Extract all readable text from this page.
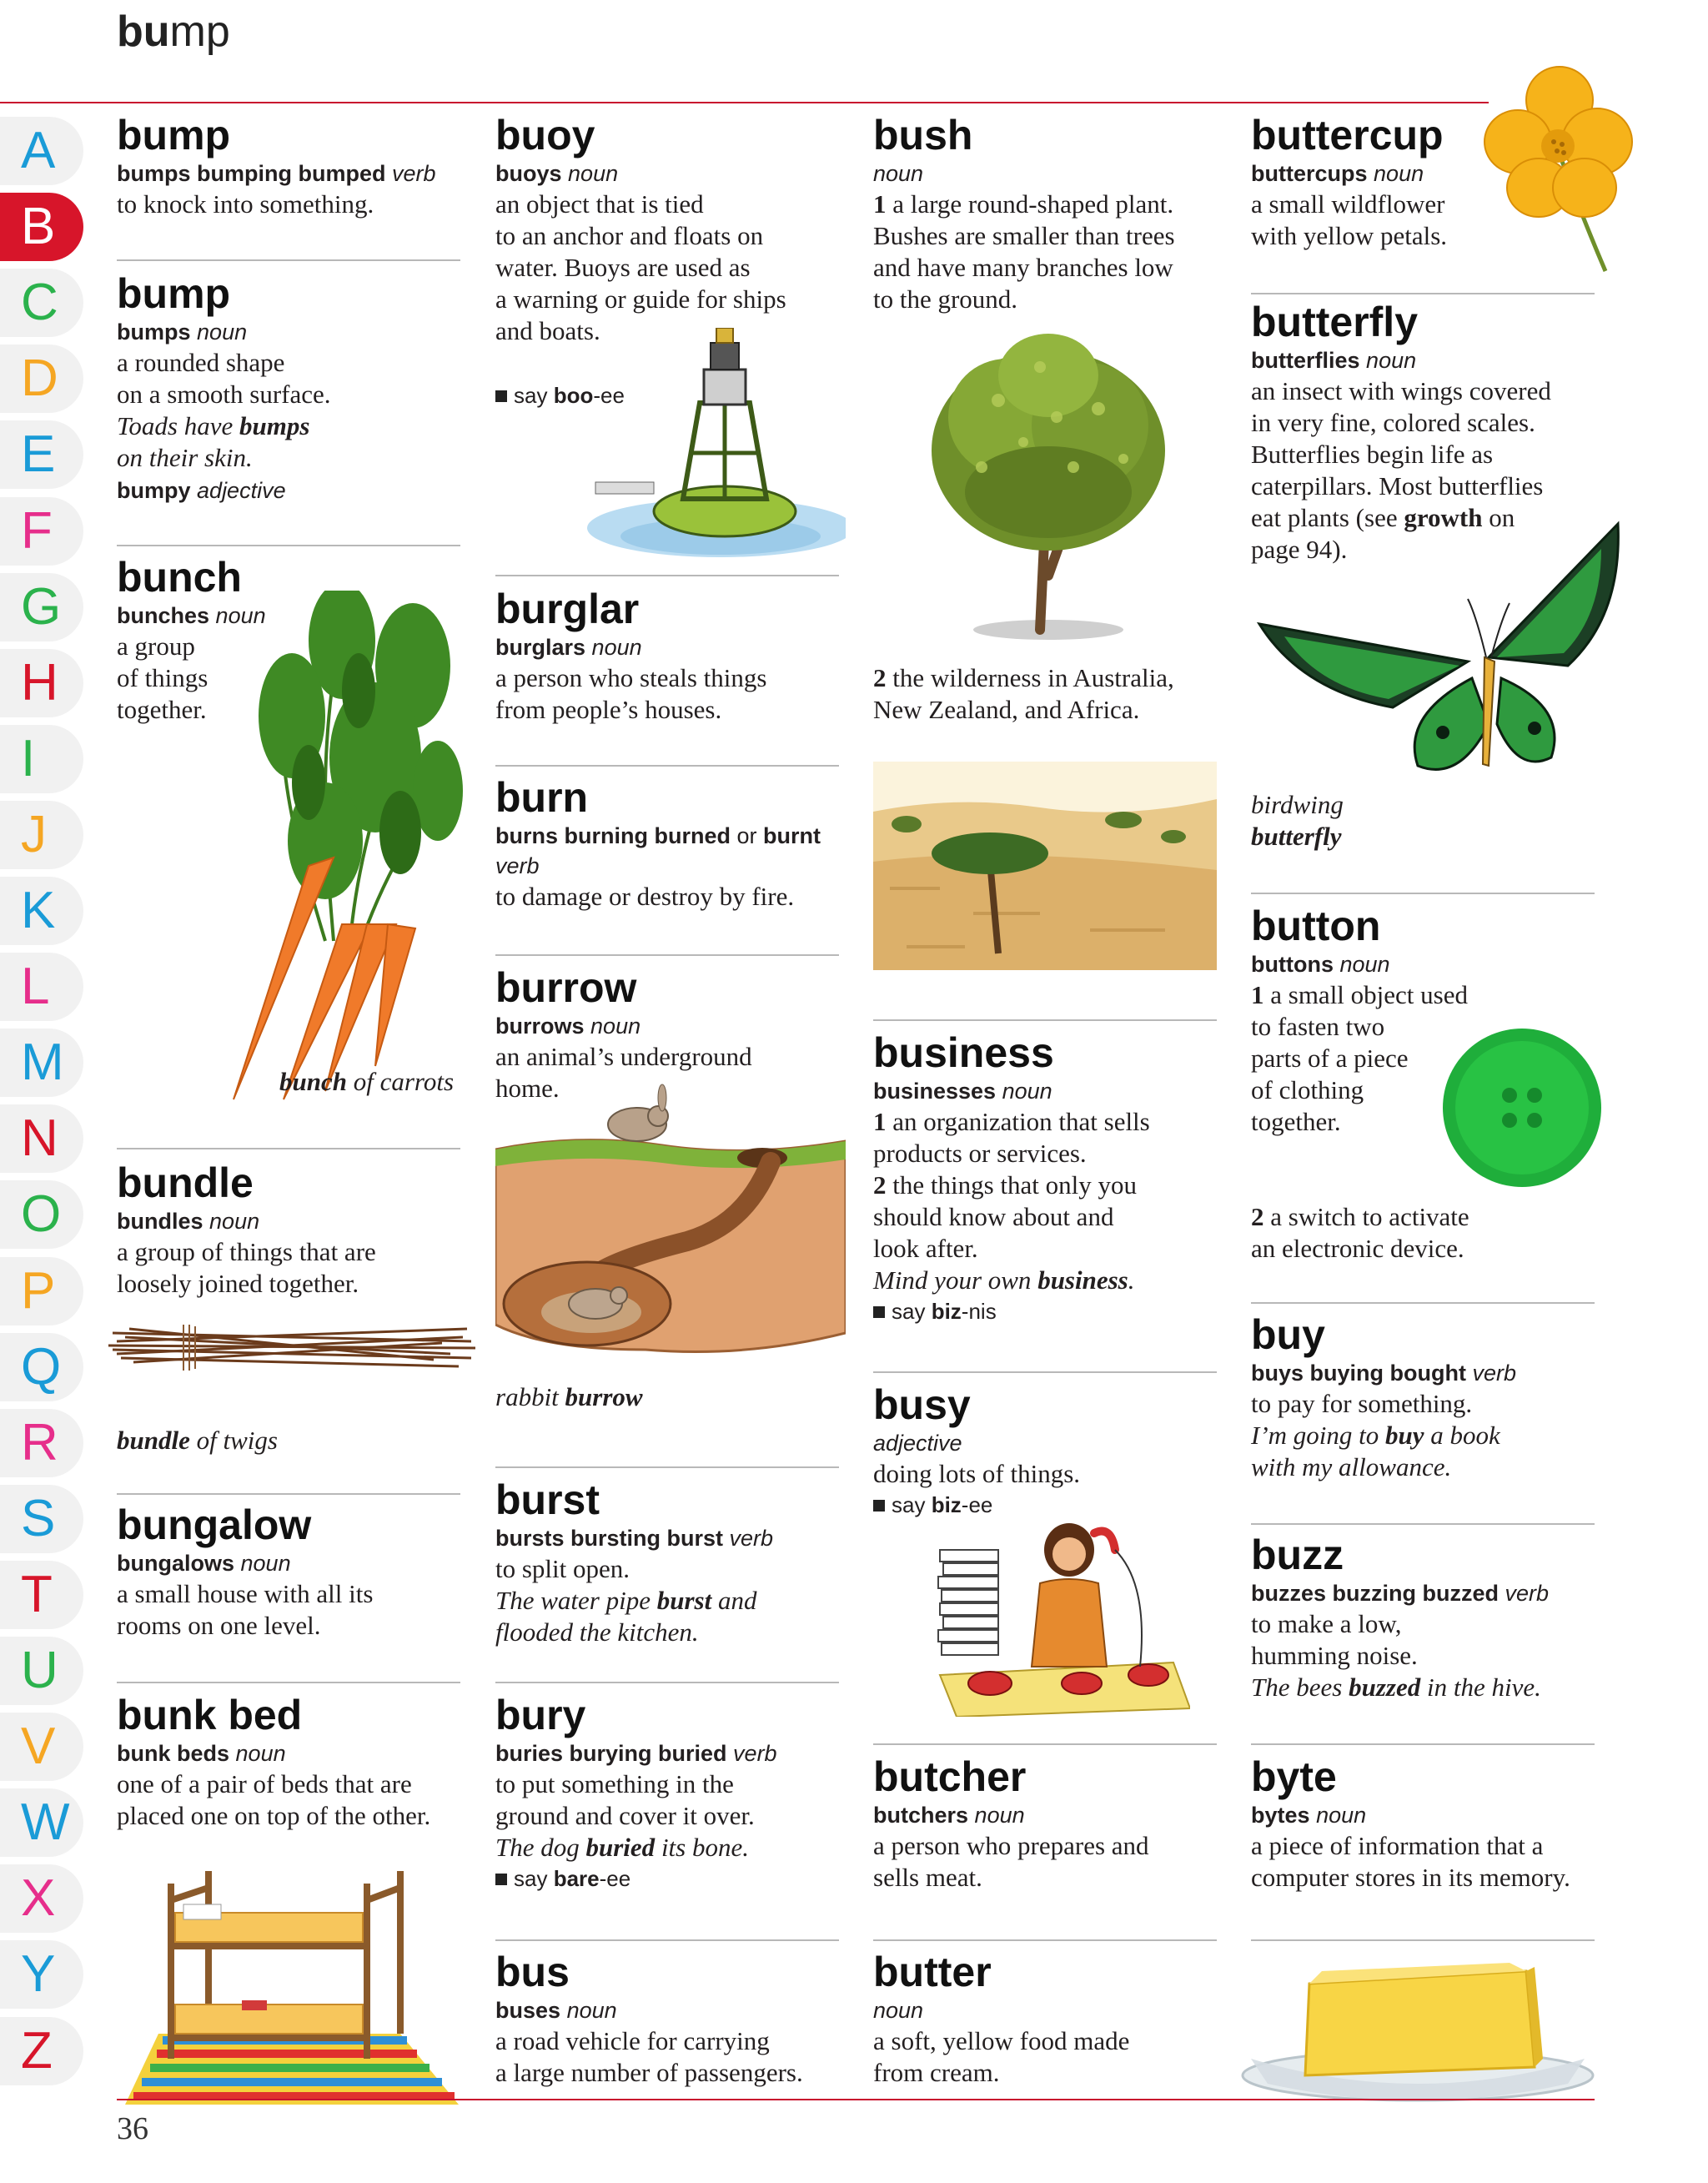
bump
A
B
C
D
E
F
G
H
I
J
K
L
M
N
O
P
Q
R
S
T
U
V
W
X
Y
Z
bump
bumps bumping bumped verb
to knock into something.
bump
bumps noun
a rounded shape
on a smooth surface.
Toads have bumps
on their skin.
bumpy adjective
bunch
bunches noun
a group
of things
together.
bunch of carrots
bundle
bundles noun
a group of things that are
loosely joined together.
bundle of twigs
bungalow
bungalows noun
a small house with all its
rooms on one level.
bunk bed
bunk beds noun
one of a pair of beds that are
placed one on top of the other.
buoy
buoys noun
an object that is tied
to an anchor and floats on
water. Buoys are used as
a warning or guide for ships
and boats.
say boo-ee
burglar
burglars noun
a person who steals things
from people’s houses.
burn
burns burning burned or burnt
verb
to damage or destroy by fire.
burrow
burrows noun
an animal’s underground
home.
rabbit burrow
burst
bursts bursting burst verb
to split open.
The water pipe burst and
flooded the kitchen.
bury
buries burying buried verb
to put something in the
ground and cover it over.
The dog buried its bone.
say bare-ee
bus
buses noun
a road vehicle for carrying
a large number of passengers.
bush
noun
1 a large round-shaped plant.
Bushes are smaller than trees
and have many branches low
to the ground.
2 the wilderness in Australia,
New Zealand, and Africa.
business
businesses noun
1 an organization that sells
products or services.
2 the things that only you
should know about and
look after.
Mind your own business.
say biz-nis
busy
adjective
doing lots of things.
say biz-ee
butcher
butchers noun
a person who prepares and
sells meat.
butter
noun
a soft, yellow food made
from cream.
buttercup
buttercups noun
a small wildflower
with yellow petals.
butterfly
butterflies noun
an insect with wings covered
in very fine, colored scales.
Butterflies begin life as
caterpillars. Most butterflies
eat plants (see growth on
page 94).
birdwing
butterfly
button
buttons noun
1 a small object used
to fasten two
parts of a piece
of clothing
together.
2 a switch to activate
an electronic device.
buy
buys buying bought verb
to pay for something.
I’m going to buy a book
with my allowance.
buzz
buzzes buzzing buzzed verb
to make a low,
humming noise.
The bees buzzed in the hive.
byte
bytes noun
a piece of information that a
computer stores in its memory.
36
